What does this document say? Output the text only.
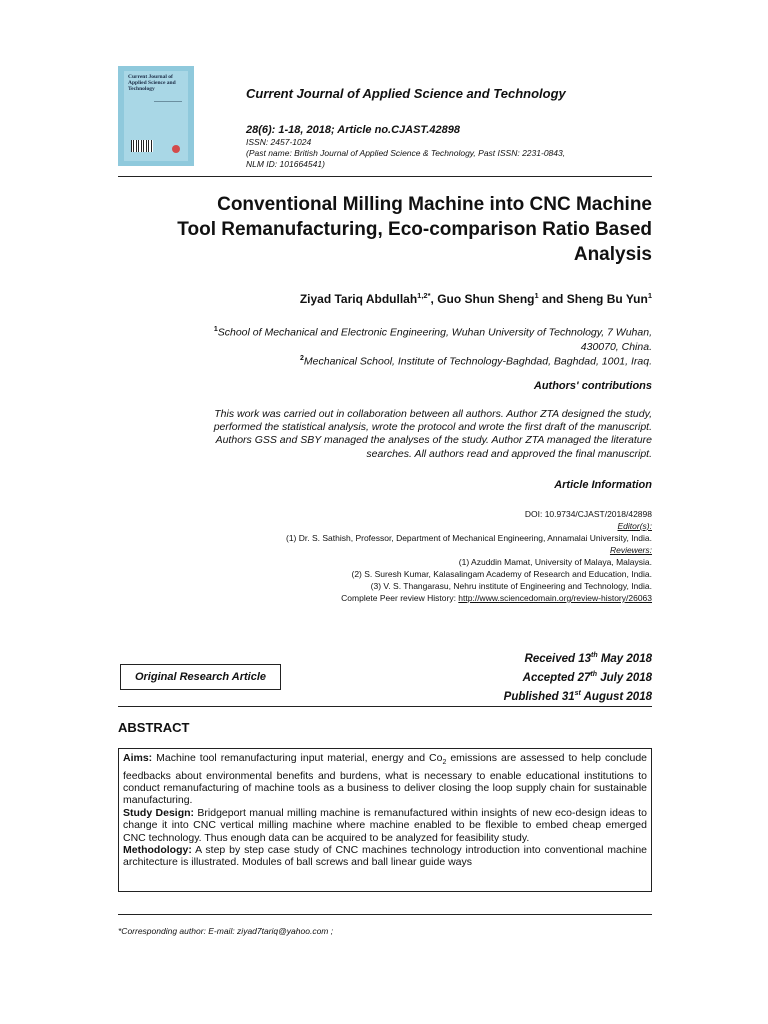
Current Journal of Applied Science and Technology	Current Journal of Applied Science and Technology
28(6): 1-18, 2018; Article no.CJAST.42898
ISSN: 2457-1024
(Past name: British Journal of Applied Science & Technology, Past ISSN: 2231-0843,
NLM ID: 101664541)
Conventional Milling Machine into CNC Machine
Tool Remanufacturing, Eco-comparison Ratio Based
Analysis
Ziyad Tariq Abdullah$^{1,2*}$, Guo Shun Sheng$^1$ and Sheng Bu Yun$^1$
$^1$School of Mechanical and Electronic Engineering, Wuhan University of Technology, 7 Wuhan,
430070, China.
$^2$Mechanical School, Institute of Technology-Baghdad, Baghdad, 1001, Iraq.
Authors' contributions
This work was carried out in collaboration between all authors. Author ZTA designed the study,
performed the statistical analysis, wrote the protocol and wrote the first draft of the manuscript.
Authors GSS and SBY managed the analyses of the study. Author ZTA managed the literature
searches. All authors read and approved the final manuscript.
Article Information
DOI: 10.9734/CJAST/2018/42898
Editor(s):
(1) Dr. S. Sathish, Professor, Department of Mechanical Engineering, Annamalai University, India.
Reviewers:
(1) Azuddin Mamat, University of Malaya, Malaysia.
(2) S. Suresh Kumar, Kalasalingam Academy of Research and Education, India.
(3) V. S. Thangarasu, Nehru institute of Engineering and Technology, India.
Complete Peer review History: http://www.sciencedomain.org/review-history/26063
Original Research Article
Received 13th May 2018
Accepted 27th July 2018
Published 31st August 2018
ABSTRACT

Aims: Machine tool remanufacturing input material, energy and $Co_2$ emissions are assessed to help conclude feedbacks about environmental benefits and burdens, what is necessary to enable educational institutions to conduct remanufacturing of machine tools as a business to deliver closing the loop supply chain for sustainable manufacturing.

Study Design: Bridgeport manual milling machine is remanufactured within insights of new eco-design ideas to change it into CNC vertical milling machine where machine enabled to be flexible to embed cheap emerged CNC technology. Thus enough data can be acquired to be analyzed for feasibility study.

Methodology: A step by step case study of CNC machines technology introduction into conventional machine architecture is illustrated. Modules of ball screws and ball linear guide ways

*Corresponding author: E-mail: ziyad7tariq@yahoo.com ;
